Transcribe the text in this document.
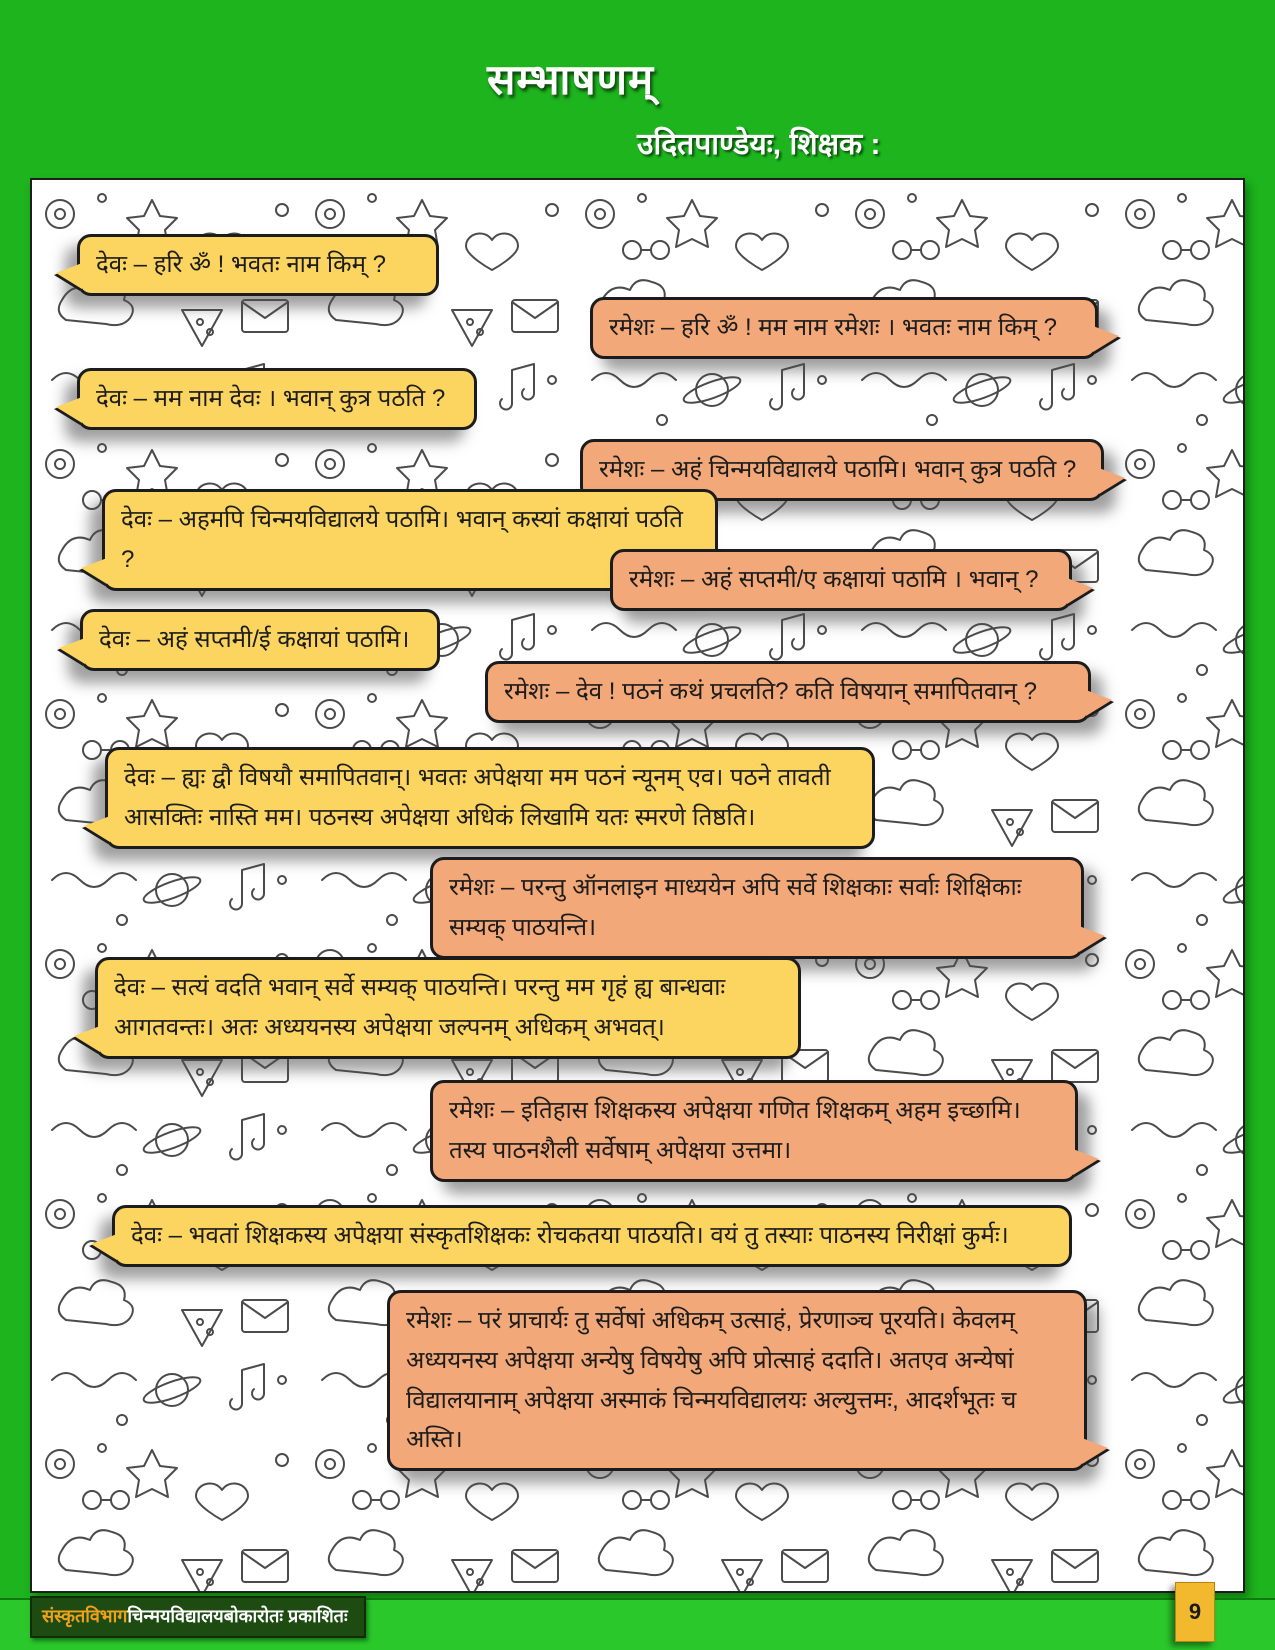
सम्भाषणम्
उदितपाण्डेयः, शिक्षक :
देवः – हरि ॐ ! भवतः नाम किम् ?
रमेशः – हरि ॐ ! मम नाम रमेशः । भवतः नाम किम् ?
देवः – मम नाम देवः । भवान् कुत्र पठति ?
रमेशः – अहं चिन्मयविद्यालये पठामि। भवान् कुत्र पठति ?
देवः – अहमपि चिन्मयविद्यालये पठामि। भवान् कस्यां कक्षायां पठति ?
रमेशः – अहं सप्तमी/ए कक्षायां पठामि । भवान् ?
देवः – अहं सप्तमी/ई कक्षायां पठामि।
रमेशः – देव ! पठनं कथं प्रचलति? कति विषयान् समापितवान् ?
देवः – ह्यः द्वौ विषयौ समापितवान्। भवतः अपेक्षया मम पठनं न्यूनम् एव। पठने तावती आसक्तिः नास्ति मम। पठनस्य अपेक्षया अधिकं लिखामि यतः स्मरणे तिष्ठति।
रमेशः – परन्तु ऑनलाइन माध्ययेन अपि सर्वे शिक्षकाः सर्वाः शिक्षिकाः सम्यक् पाठयन्ति।
देवः – सत्यं वदति भवान् सर्वे सम्यक् पाठयन्ति। परन्तु मम गृहं ह्य बान्धवाः आगतवन्तः। अतः अध्ययनस्य अपेक्षया जल्पनम् अधिकम् अभवत्।
रमेशः – इतिहास शिक्षकस्य अपेक्षया गणित शिक्षकम् अहम इच्छामि। तस्य पाठनशैली सर्वेषाम् अपेक्षया उत्तमा।
देवः – भवतां शिक्षकस्य अपेक्षया संस्कृतशिक्षकः रोचकतया पाठयति। वयं तु तस्याः पाठनस्य निरीक्षां कुर्मः।
रमेशः – परं प्राचार्यः तु सर्वेषां अधिकम् उत्साहं, प्रेरणाञ्च पूरयति। केवलम् अध्ययनस्य अपेक्षया अन्येषु विषयेषु अपि प्रोत्साहं ददाति। अतएव अन्येषां विद्यालयानाम् अपेक्षया अस्माकं चिन्मयविद्यालयः अल्युत्तमः, आदर्शभूतः च अस्ति।
संस्कृतविभागचिन्मयविद्यालयबोकारोतः प्रकाशितः	9
